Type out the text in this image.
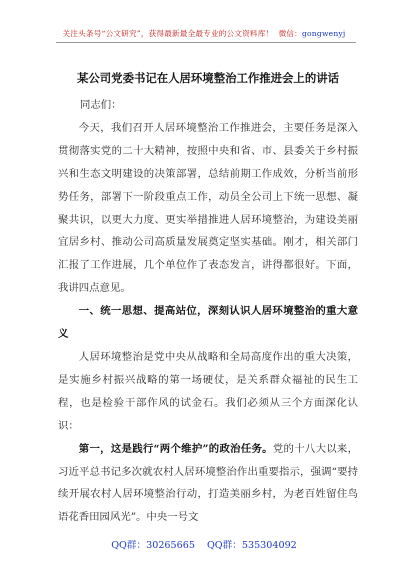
关注头条号“公文研究”，获得最新最全最专业的公文资料库！ 微信：gongwenyj
某公司党委书记在人居环境整治工作推进会上的讲话

同志们：

今天，我们召开人居环境整治工作推进会，主要任务是深入贯彻落实党的二十大精神，按照中央和省、市、县委关于乡村振兴和生态文明建设的决策部署，总结前期工作成效，分析当前形势任务，部署下一阶段重点工作，动员全公司上下统一思想、凝聚共识，以更大力度、更实举措推进人居环境整治，为建设美丽宜居乡村、推动公司高质量发展奠定坚实基础。刚才，相关部门汇报了工作进展，几个单位作了表态发言，讲得都很好。下面，我讲四点意见。

一、统一思想、提高站位，深刻认识人居环境整治的重大意义

人居环境整治是党中央从战略和全局高度作出的重大决策，是实施乡村振兴战略的第一场硬仗，是关系群众福祉的民生工程，也是检验干部作风的试金石。我们必须从三个方面深化认识：

第一，这是践行“两个维护”的政治任务。党的十八大以来，习近平总书记多次就农村人居环境整治作出重要指示，强调“要持续开展农村人居环境整治行动，打造美丽乡村，为老百姓留住鸟语花香田园风光”。中央一号文

QQ群：30265665 QQ群：535304092
